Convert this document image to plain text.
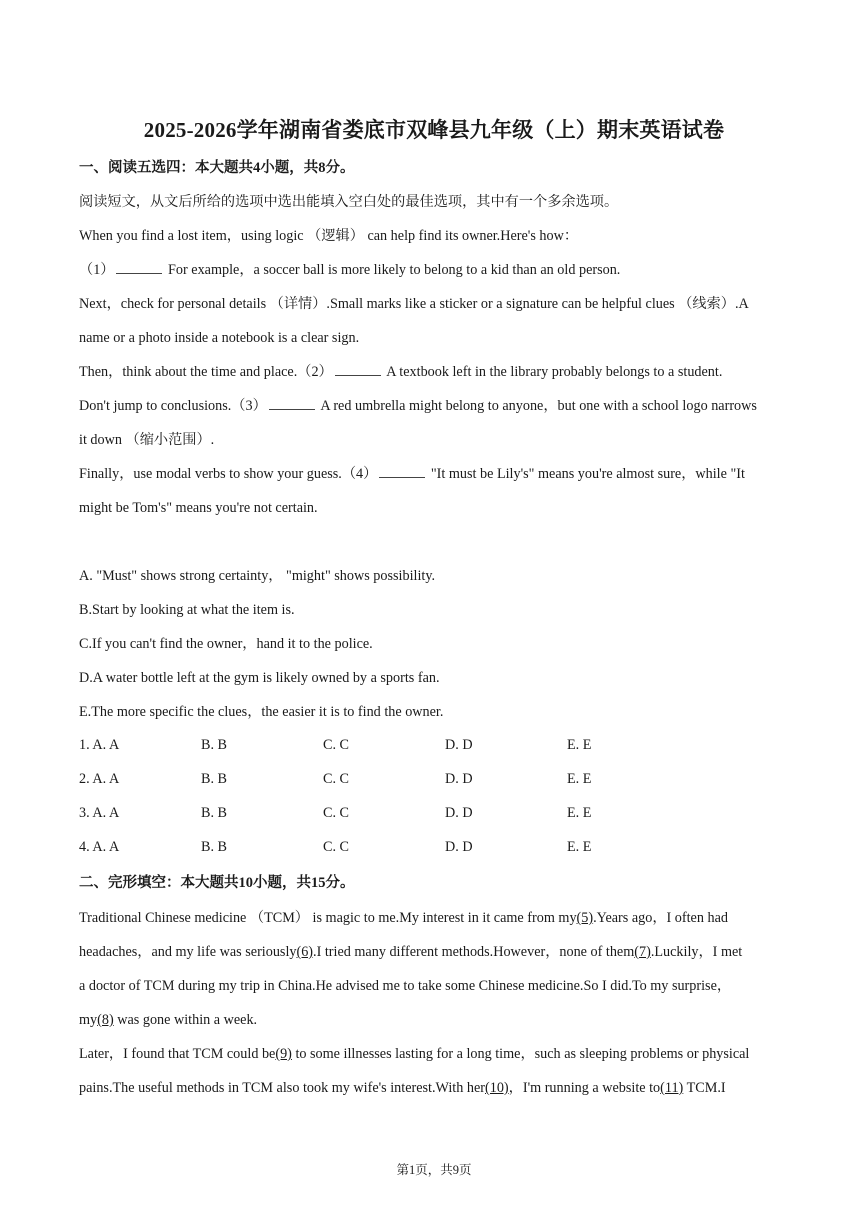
2025-2026学年湖南省娄底市双峰县九年级（上）期末英语试卷
一、阅读五选四：本大题共4小题，共8分。
阅读短文，从文后所给的选项中选出能填入空白处的最佳选项，其中有一个多余选项。
When you find a lost item，using logic （逻辑） can help find its owner.Here's how：
（1）	For example，a soccer ball is more likely to belong to a kid than an old person.
Next，check for personal details （详情）.Small marks like a sticker or a signature can be helpful clues （线索）.A
name or a photo inside a notebook is a clear sign.
Then，think about the time and place.（2）	A textbook left in the library probably belongs to a student.
Don't jump to conclusions.（3）	A red umbrella might belong to anyone，but one with a school logo narrows
it down （缩小范围）.
Finally，use modal verbs to show your guess.（4）	"It must be Lily's" means you're almost sure，while "It
might be Tom's" means you're not certain.
A. "Must" shows strong certainty， "might" shows possibility.
B.Start by looking at what the item is.
C.If you can't find the owner，hand it to the police.
D.A water bottle left at the gym is likely owned by a sports fan.
E.The more specific the clues，the easier it is to find the owner.
1. A. A	B. B	C. C	D. D	E. E
2. A. A	B. B	C. C	D. D	E. E
3. A. A	B. B	C. C	D. D	E. E
4. A. A	B. B	C. C	D. D	E. E
二、完形填空：本大题共10小题，共15分。
Traditional Chinese medicine （TCM） is magic to me.My interest in it came from my(5).Years ago，I often had
headaches，and my life was seriously(6).I tried many different methods.However，none of them(7).Luckily，I met
a doctor of TCM during my trip in China.He advised me to take some Chinese medicine.So I did.To my surprise，
my(8) was gone within a week.
Later，I found that TCM could be(9) to some illnesses lasting for a long time，such as sleeping problems or physical
pains.The useful methods in TCM also took my wife's interest.With her(10)，I'm running a website to(11) TCM.I
第1页，共9页
